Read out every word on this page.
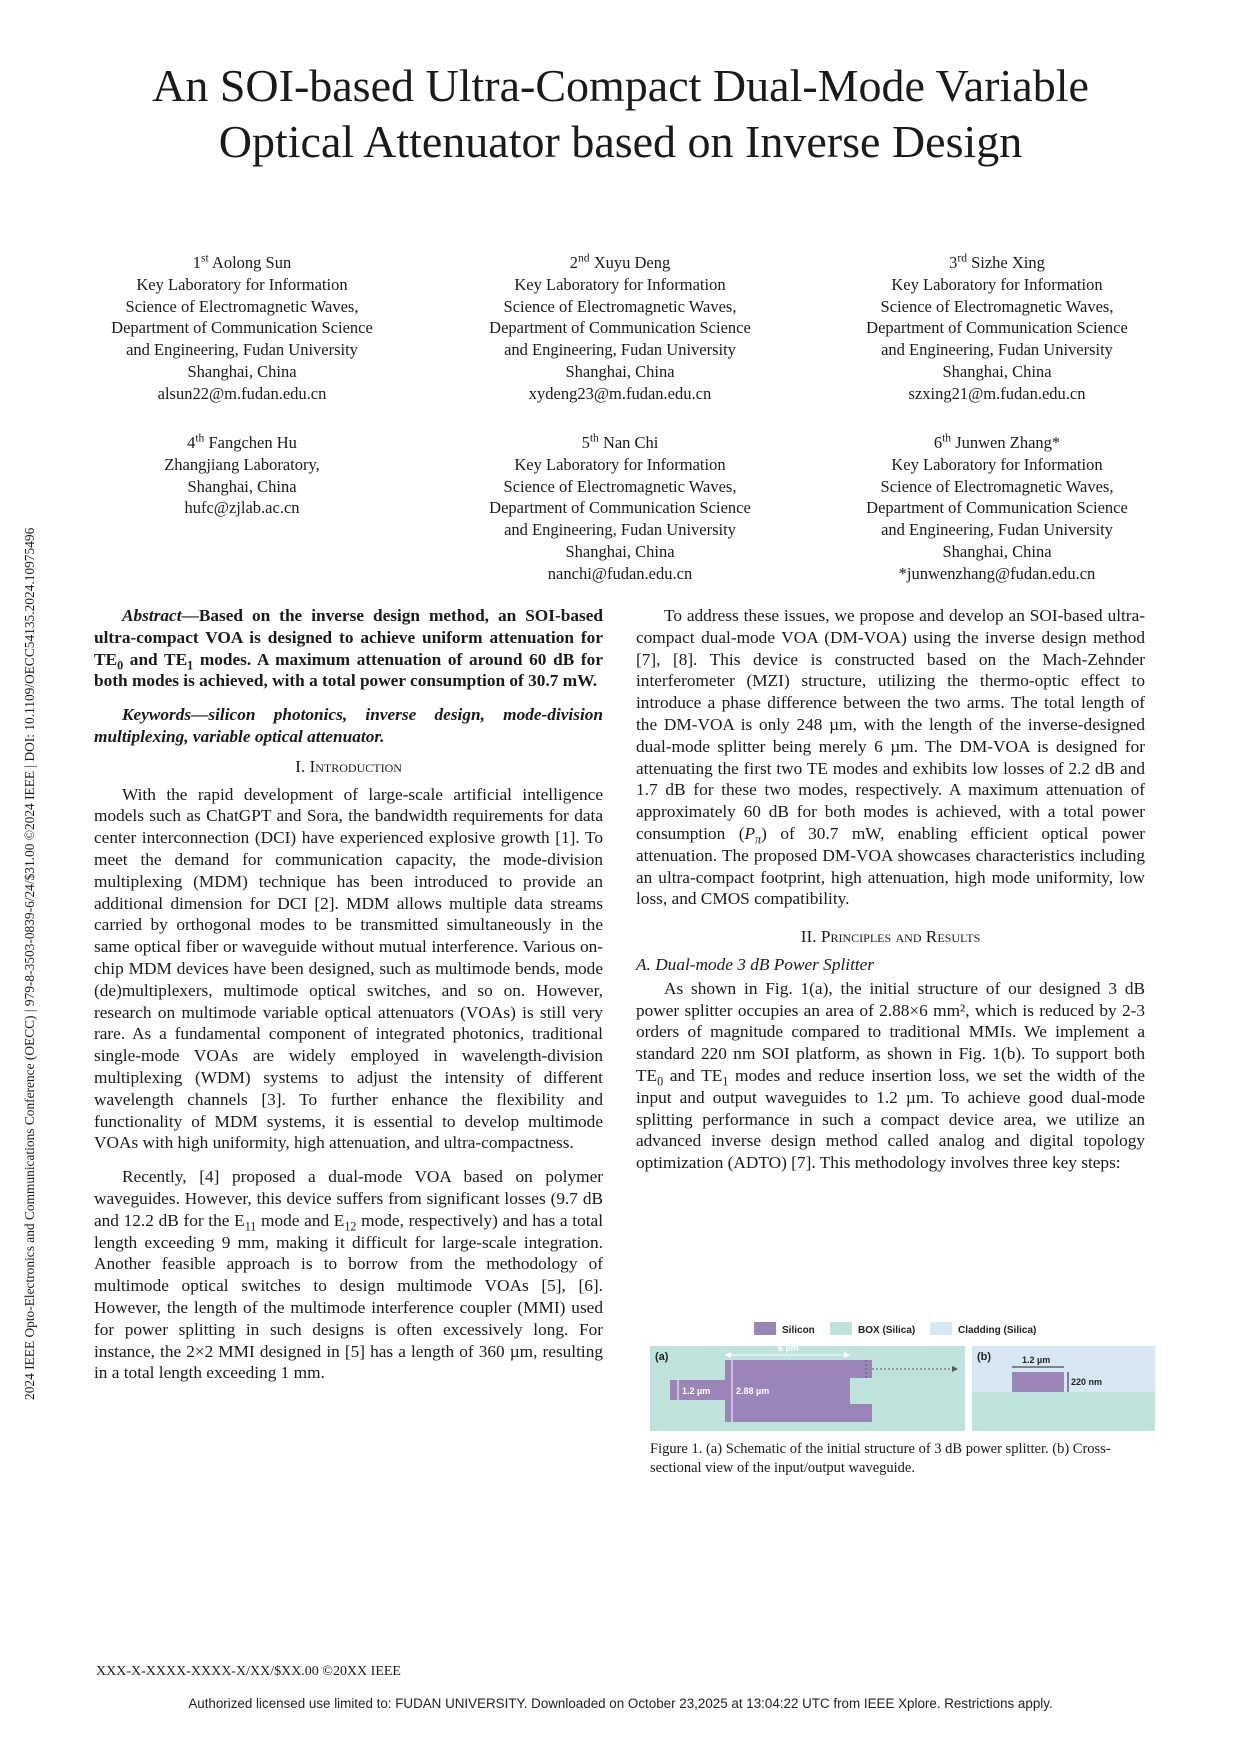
An SOI-based Ultra-Compact Dual-Mode Variable
Optical Attenuator based on Inverse Design
2024 IEEE Opto-Electronics and Communications Conference (OECC) | 979-8-3503-0839-6/24/$31.00 ©2024 IEEE | DOI: 10.1109/OECC54135.2024.10975496
1st Aolong Sun
Key Laboratory for Information
Science of Electromagnetic Waves,
Department of Communication Science
and Engineering, Fudan University
Shanghai, China
alsun22@m.fudan.edu.cn
2nd Xuyu Deng
Key Laboratory for Information
Science of Electromagnetic Waves,
Department of Communication Science
and Engineering, Fudan University
Shanghai, China
xydeng23@m.fudan.edu.cn
3rd Sizhe Xing
Key Laboratory for Information
Science of Electromagnetic Waves,
Department of Communication Science
and Engineering, Fudan University
Shanghai, China
szxing21@m.fudan.edu.cn
4th Fangchen Hu
Zhangjiang Laboratory,
Shanghai, China
hufc@zjlab.ac.cn
5th Nan Chi
Key Laboratory for Information
Science of Electromagnetic Waves,
Department of Communication Science
and Engineering, Fudan University
Shanghai, China
nanchi@fudan.edu.cn
6th Junwen Zhang*
Key Laboratory for Information
Science of Electromagnetic Waves,
Department of Communication Science
and Engineering, Fudan University
Shanghai, China
*junwenzhang@fudan.edu.cn

Abstract—Based on the inverse design method, an SOI-based ultra-compact VOA is designed to achieve uniform attenuation for $TE_0$ and $TE_1$ modes. A maximum attenuation of around 60 dB for both modes is achieved, with a total power consumption of 30.7 mW.

Keywords—silicon photonics, inverse design, mode-division multiplexing, variable optical attenuator.

I. Introduction

With the rapid development of large-scale artificial intelligence models such as ChatGPT and Sora, the bandwidth requirements for data center interconnection (DCI) have experienced explosive growth [1]. To meet the demand for communication capacity, the mode-division multiplexing (MDM) technique has been introduced to provide an additional dimension for DCI [2]. MDM allows multiple data streams carried by orthogonal modes to be transmitted simultaneously in the same optical fiber or waveguide without mutual interference. Various on-chip MDM devices have been designed, such as multimode bends, mode (de)multiplexers, multimode optical switches, and so on. However, research on multimode variable optical attenuators (VOAs) is still very rare. As a fundamental component of integrated photonics, traditional single-mode VOAs are widely employed in wavelength-division multiplexing (WDM) systems to adjust the intensity of different wavelength channels [3]. To further enhance the flexibility and functionality of MDM systems, it is essential to develop multimode VOAs with high uniformity, high attenuation, and ultra-compactness.

Recently, [4] proposed a dual-mode VOA based on polymer waveguides. However, this device suffers from significant losses (9.7 dB and 12.2 dB for the $E_{11}$ mode and $E_{12}$ mode, respectively) and has a total length exceeding 9 mm, making it difficult for large-scale integration. Another feasible approach is to borrow from the methodology of multimode optical switches to design multimode VOAs [5], [6]. However, the length of the multimode interference coupler (MMI) used for power splitting in such designs is often excessively long. For instance, the 2×2 MMI designed in [5] has a length of 360 µm, resulting in a total length exceeding 1 mm.

To address these issues, we propose and develop an SOI-based ultra-compact dual-mode VOA (DM-VOA) using the inverse design method [7], [8]. This device is constructed based on the Mach-Zehnder interferometer (MZI) structure, utilizing the thermo-optic effect to introduce a phase difference between the two arms. The total length of the DM-VOA is only 248 µm, with the length of the inverse-designed dual-mode splitter being merely 6 µm. The DM-VOA is designed for attenuating the first two TE modes and exhibits low losses of 2.2 dB and 1.7 dB for these two modes, respectively. A maximum attenuation of approximately 60 dB for both modes is achieved, with a total power consumption $(P_\pi)$ of 30.7 mW, enabling efficient optical power attenuation. The proposed DM-VOA showcases characteristics including an ultra-compact footprint, high attenuation, high mode uniformity, low loss, and CMOS compatibility.

II. Principles and Results

A. Dual-mode 3 dB Power Splitter

As shown in Fig. 1(a), the initial structure of our designed 3 dB power splitter occupies an area of 2.88×6 mm², which is reduced by 2-3 orders of magnitude compared to traditional MMIs. We implement a standard 220 nm SOI platform, as shown in Fig. 1(b). To support both $TE_0$ and $TE_1$ modes and reduce insertion loss, we set the width of the input and output waveguides to 1.2 µm. To achieve good dual-mode splitting performance in such a compact device area, we utilize an advanced inverse design method called analog and digital topology optimization (ADTO) [7]. This methodology involves three key steps:

Silicon	BOX (Silica)	Cladding (Silica)
(a)
6 µm
1.2 µm	2.88 µm
(b)	1.2 µm
220 nm
Figure 1. (a) Schematic of the initial structure of 3 dB power splitter. (b) Cross-sectional view of the input/output waveguide.
XXX-X-XXXX-XXXX-X/XX/$XX.00 ©20XX IEEE
Authorized licensed use limited to: FUDAN UNIVERSITY. Downloaded on October 23,2025 at 13:04:22 UTC from IEEE Xplore. Restrictions apply.
